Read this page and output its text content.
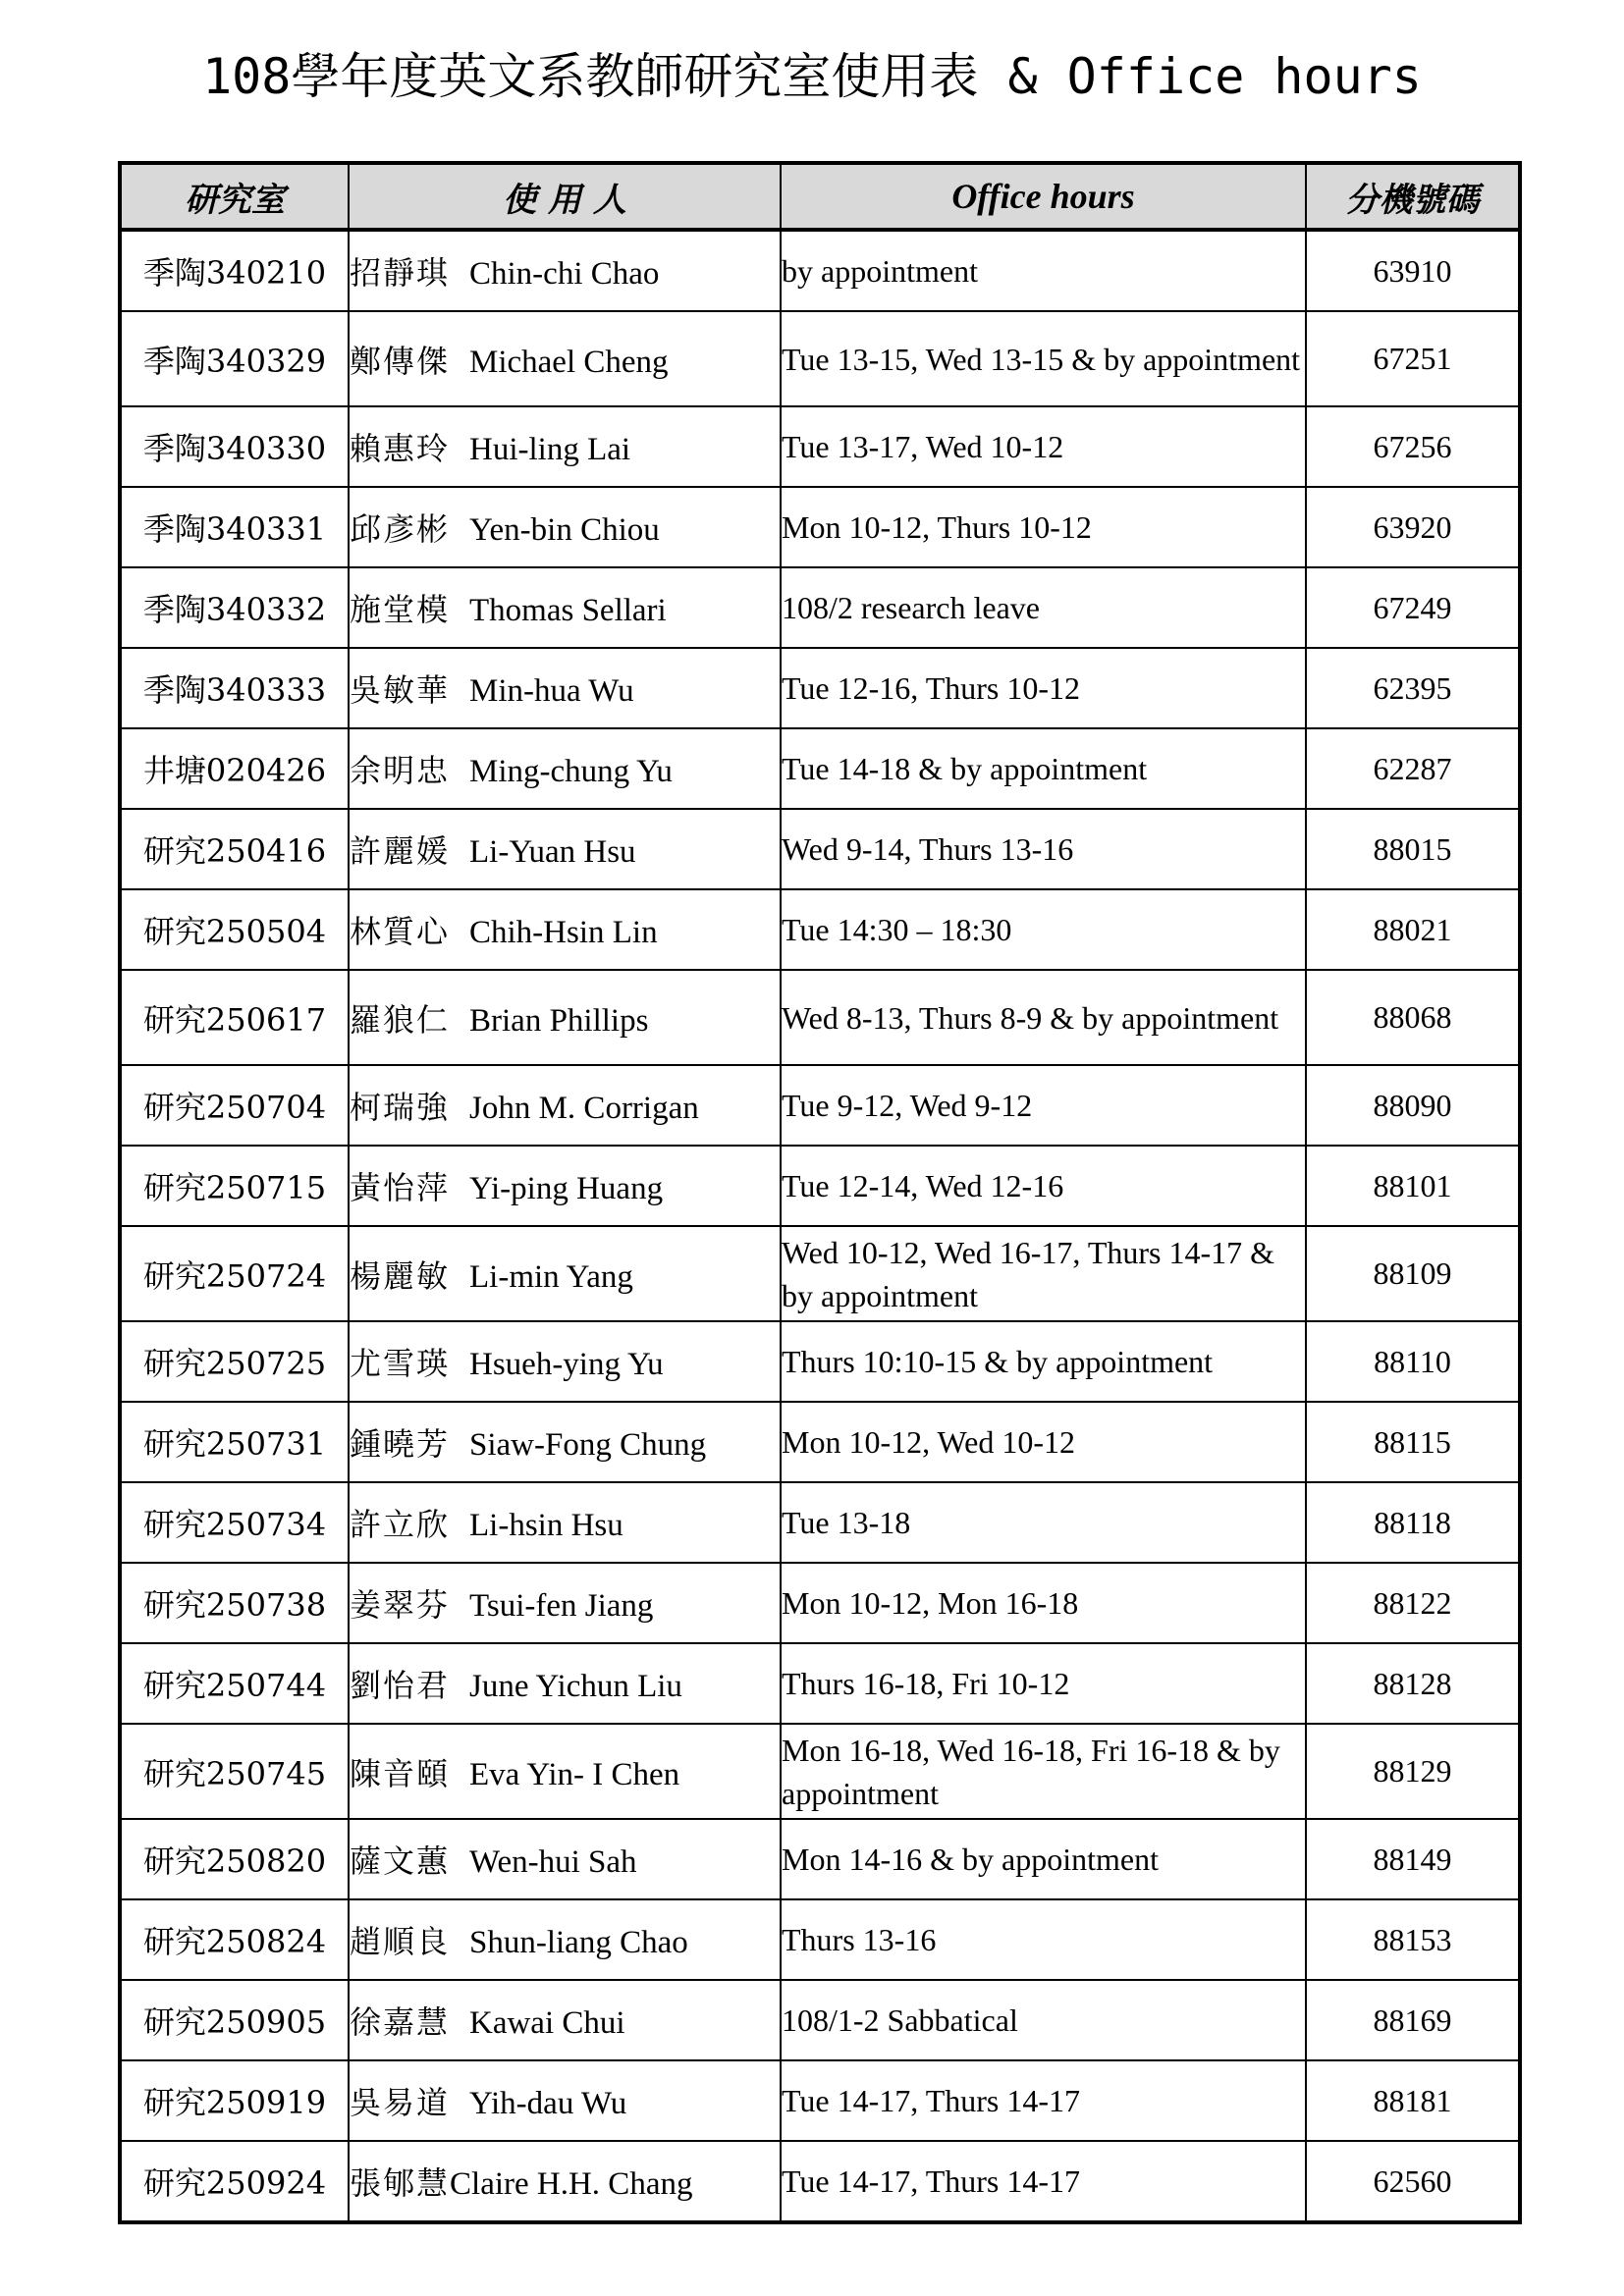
108學年度英文系教師研究室使用表 & Office hours
研究室	使 用 人	Office hours	分機號碼
季陶340210	招靜琪 Chin-chi Chao	by appointment	63910
季陶340329	鄭傳傑 Michael Cheng	Tue 13-15, Wed 13-15 & by appointment	67251
季陶340330	賴惠玲 Hui-ling Lai	Tue 13-17, Wed 10-12	67256
季陶340331	邱彥彬 Yen-bin Chiou	Mon 10-12, Thurs 10-12	63920
季陶340332	施堂模 Thomas Sellari	108/2 research leave	67249
季陶340333	吳敏華 Min-hua Wu	Tue 12-16, Thurs 10-12	62395
井塘020426	余明忠 Ming-chung Yu	Tue 14-18 & by appointment	62287
研究250416	許麗媛 Li-Yuan Hsu	Wed 9-14, Thurs 13-16	88015
研究250504	林質心 Chih-Hsin Lin	Tue 14:30 – 18:30	88021
研究250617	羅狼仁 Brian Phillips	Wed 8-13, Thurs 8-9 & by appointment	88068
研究250704	柯瑞強 John M. Corrigan	Tue 9-12, Wed 9-12	88090
研究250715	黃怡萍 Yi-ping Huang	Tue 12-14, Wed 12-16	88101
研究250724	楊麗敏 Li-min Yang	Wed 10-12, Wed 16-17, Thurs 14-17 & by appointment	88109
研究250725	尤雪瑛 Hsueh-ying Yu	Thurs 10:10-15 & by appointment	88110
研究250731	鍾曉芳 Siaw-Fong Chung	Mon 10-12, Wed 10-12	88115
研究250734	許立欣 Li-hsin Hsu	Tue 13-18	88118
研究250738	姜翠芬 Tsui-fen Jiang	Mon 10-12, Mon 16-18	88122
研究250744	劉怡君 June Yichun Liu	Thurs 16-18, Fri 10-12	88128
研究250745	陳音頤 Eva Yin- I Chen	Mon 16-18, Wed 16-18, Fri 16-18 & by appointment	88129
研究250820	薩文蕙 Wen-hui Sah	Mon 14-16 & by appointment	88149
研究250824	趙順良 Shun-liang Chao	Thurs 13-16	88153
研究250905	徐嘉慧 Kawai Chui	108/1-2 Sabbatical	88169
研究250919	吳易道 Yih-dau Wu	Tue 14-17, Thurs 14-17	88181
研究250924	張郇慧Claire H.H. Chang	Tue 14-17, Thurs 14-17	62560
